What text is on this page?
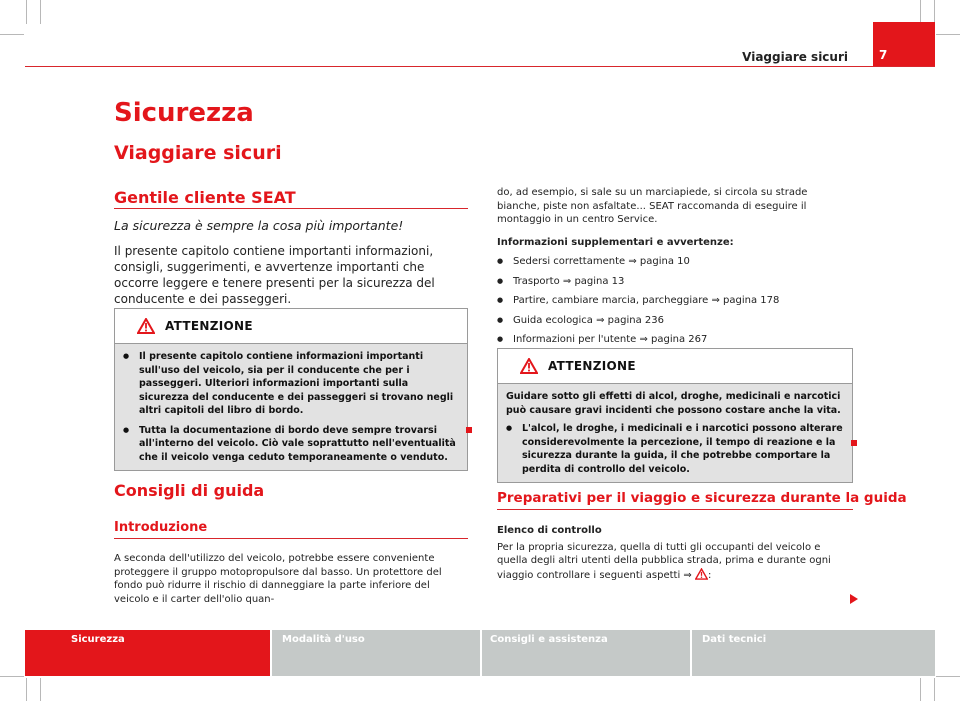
Viaggiare sicuri	7
Sicurezza
Viaggiare sicuri
Gentile cliente SEAT

La sicurezza è sempre la cosa più importante!

Il presente capitolo contiene importanti informazioni, consigli, suggerimenti, e avvertenze importanti che occorre leggere e tenere presenti per la sicurezza del conducente e dei passeggeri.

ATTENZIONE
● Il presente capitolo contiene informazioni importanti sull'uso del veicolo, sia per il conducente che per i passeggeri. Ulteriori informazioni importanti sulla sicurezza del conducente e dei passeggeri si trovano negli altri capitoli del libro di bordo.
● Tutta la documentazione di bordo deve sempre trovarsi all'interno del veicolo. Ciò vale soprattutto nell'eventualità che il veicolo venga ceduto temporaneamente o venduto.
Consigli di guida
Introduzione

A seconda dell'utilizzo del veicolo, potrebbe essere conveniente proteggere il gruppo motopropulsore dal basso. Un protettore del fondo può ridurre il rischio di danneggiare la parte inferiore del veicolo e il carter dell'olio quan-

do, ad esempio, si sale su un marciapiede, si circola su strade bianche, piste non asfaltate... SEAT raccomanda di eseguire il montaggio in un centro Service.

Informazioni supplementari e avvertenze:

● Sedersi correttamente ⇒ pagina 10
● Trasporto ⇒ pagina 13
● Partire, cambiare marcia, parcheggiare ⇒ pagina 178
● Guida ecologica ⇒ pagina 236
● Informazioni per l'utente ⇒ pagina 267
ATTENZIONE

Guidare sotto gli effetti di alcol, droghe, medicinali e narcotici può causare gravi incidenti che possono costare anche la vita.

● L'alcol, le droghe, i medicinali e i narcotici possono alterare considerevolmente la percezione, il tempo di reazione e la sicurezza durante la guida, il che potrebbe comportare la perdita di controllo del veicolo.
Preparativi per il viaggio e sicurezza durante la guida

Elenco di controllo

Per la propria sicurezza, quella di tutti gli occupanti del veicolo e quella degli altri utenti della pubblica strada, prima e durante ogni viaggio controllare i seguenti aspetti ⇒ :

Sicurezza	Modalità d'uso	Consigli e assistenza	Dati tecnici
